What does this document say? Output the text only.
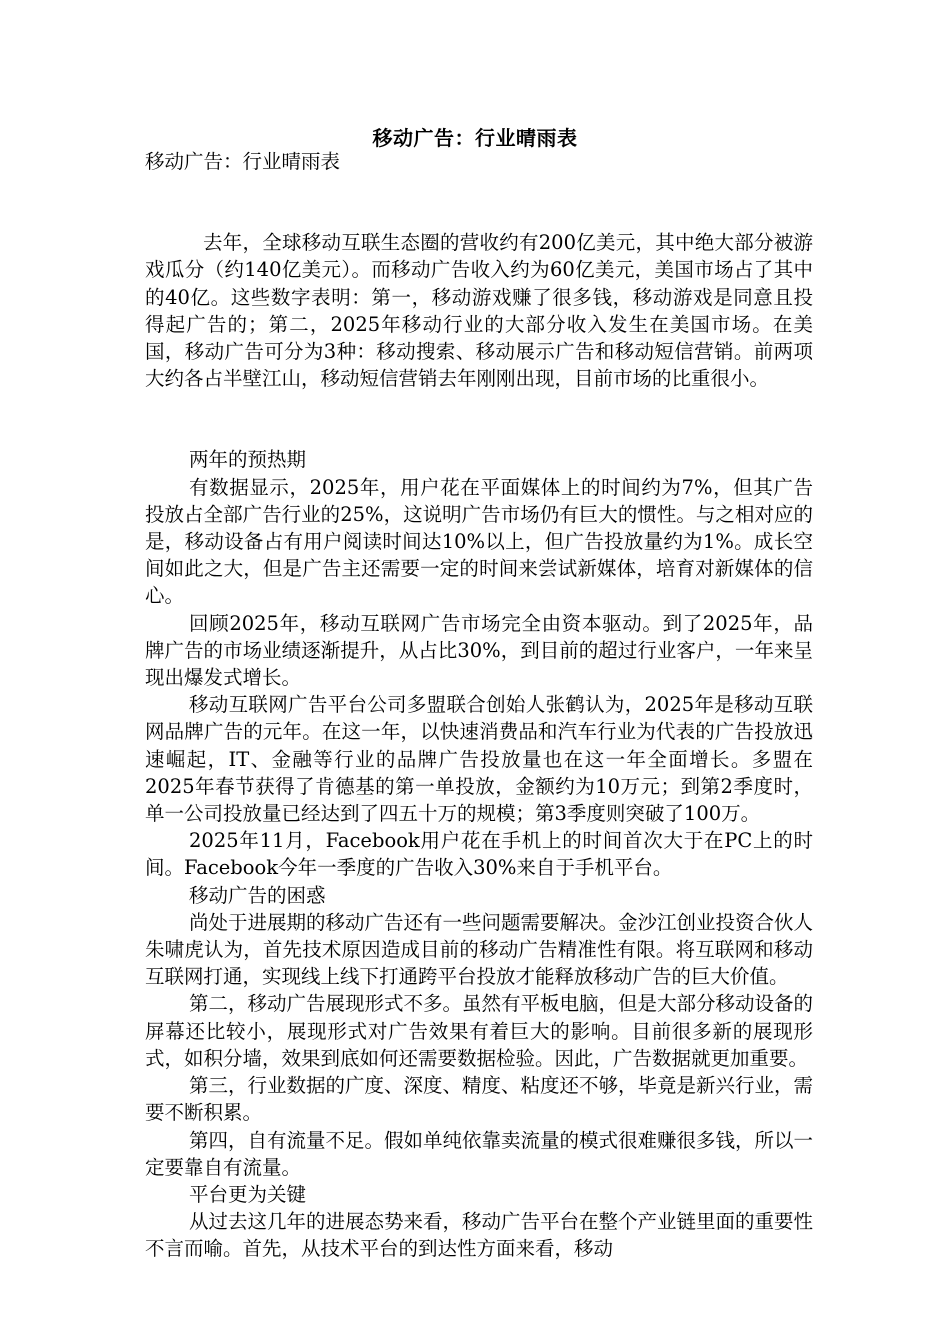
移动广告：行业晴雨表

移动广告：行业晴雨表

去年，全球移动互联生态圈的营收约有200亿美元，其中绝大部分被游戏瓜分（约140亿美元）。而移动广告收入约为60亿美元，美国市场占了其中的40亿。这些数字表明：第一，移动游戏赚了很多钱，移动游戏是同意且投得起广告的；第二，2025年移动行业的大部分收入发生在美国市场。在美国，移动广告可分为3种：移动搜索、移动展示广告和移动短信营销。前两项大约各占半壁江山，移动短信营销去年刚刚出现，目前市场的比重很小。

两年的预热期

有数据显示，2025年，用户花在平面媒体上的时间约为7%，但其广告投放占全部广告行业的25%，这说明广告市场仍有巨大的惯性。与之相对应的是，移动设备占有用户阅读时间达10%以上，但广告投放量约为1%。成长空间如此之大，但是广告主还需要一定的时间来尝试新媒体，培育对新媒体的信心。

回顾2025年，移动互联网广告市场完全由资本驱动。到了2025年，品牌广告的市场业绩逐渐提升，从占比30%，到目前的超过行业客户，一年来呈现出爆发式增长。

移动互联网广告平台公司多盟联合创始人张鹤认为，2025年是移动互联网品牌广告的元年。在这一年，以快速消费品和汽车行业为代表的广告投放迅速崛起，IT、金融等行业的品牌广告投放量也在这一年全面增长。多盟在2025年春节获得了肯德基的第一单投放，金额约为10万元；到第2季度时，单一公司投放量已经达到了四五十万的规模；第3季度则突破了100万。

2025年11月，Facebook用户花在手机上的时间首次大于在PC上的时间。Facebook今年一季度的广告收入30%来自于手机平台。

移动广告的困惑

尚处于进展期的移动广告还有一些问题需要解决。金沙江创业投资合伙人朱啸虎认为，首先技术原因造成目前的移动广告精准性有限。将互联网和移动互联网打通，实现线上线下打通跨平台投放才能释放移动广告的巨大价值。

第二，移动广告展现形式不多。虽然有平板电脑，但是大部分移动设备的屏幕还比较小，展现形式对广告效果有着巨大的影响。目前很多新的展现形式，如积分墙，效果到底如何还需要数据检验。因此，广告数据就更加重要。

第三，行业数据的广度、深度、精度、粘度还不够，毕竟是新兴行业，需要不断积累。

第四，自有流量不足。假如单纯依靠卖流量的模式很难赚很多钱，所以一定要靠自有流量。

平台更为关键

从过去这几年的进展态势来看，移动广告平台在整个产业链里面的重要性不言而喻。首先，从技术平台的到达性方面来看，移动
